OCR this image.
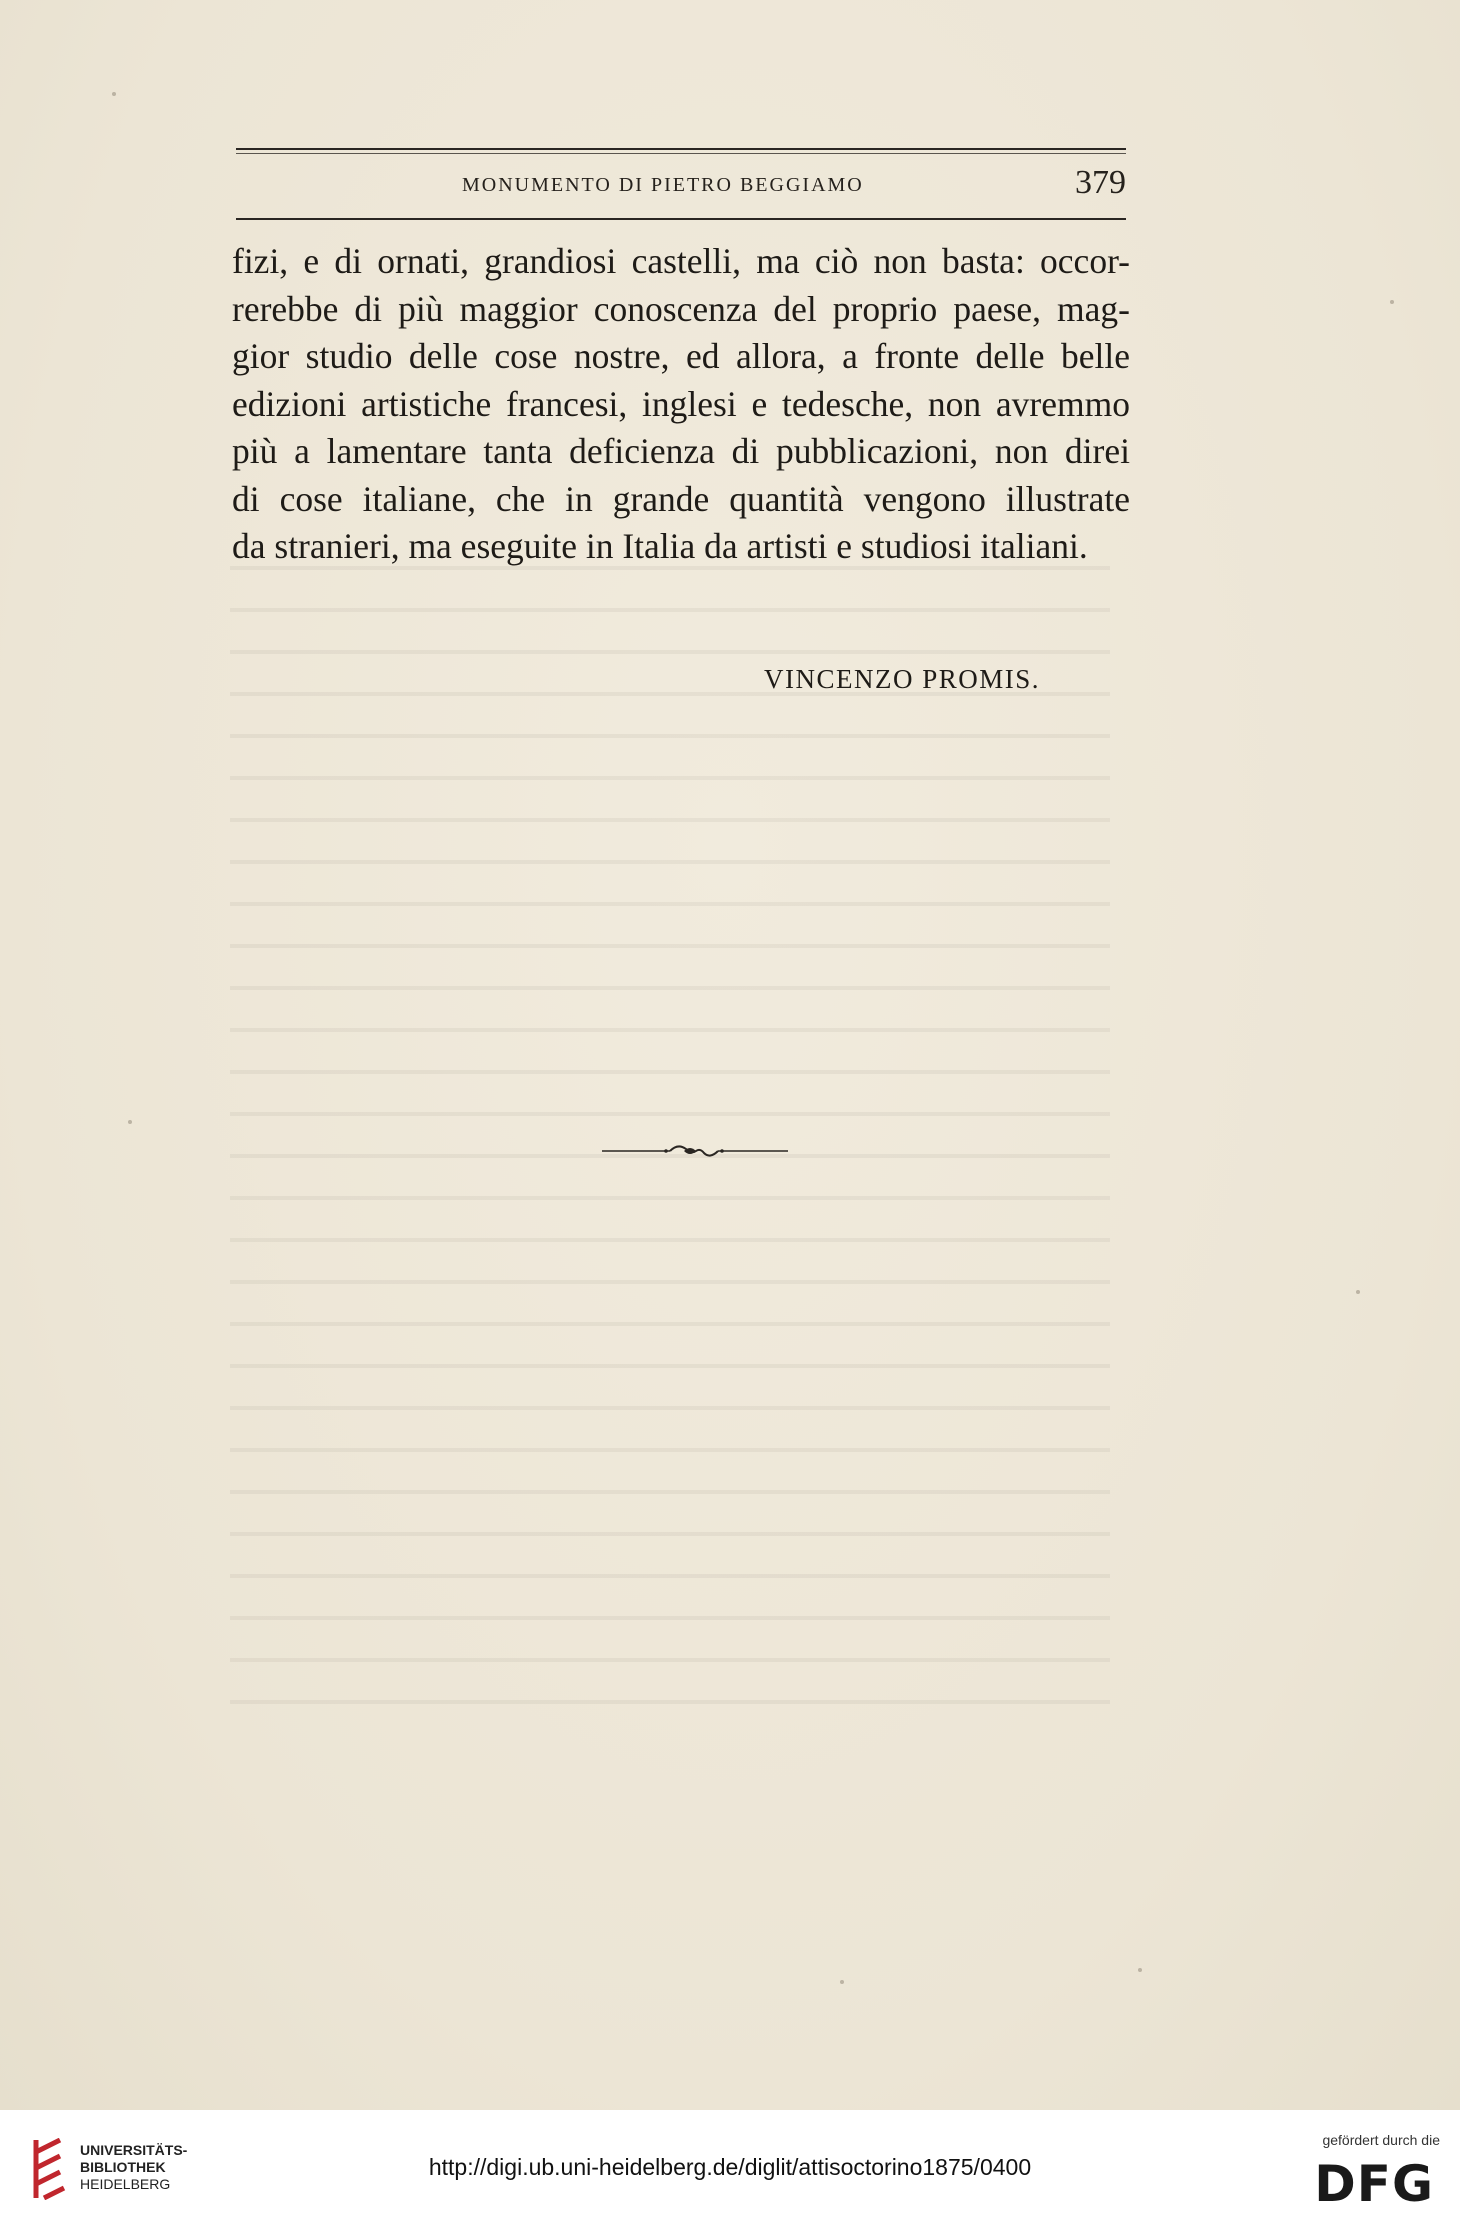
MONUMENTO DI PIETRO BEGGIAMO	379
fizi, e di ornati, grandiosi castelli, ma ciò non basta: occor-
rerebbe di più maggior conoscenza del proprio paese, mag-
gior studio delle cose nostre, ed allora, a fronte delle belle
edizioni artistiche francesi, inglesi e tedesche, non avremmo
più a lamentare tanta deficienza di pubblicazioni, non direi
di cose italiane, che in grande quantità vengono illustrate
da stranieri, ma eseguite in Italia da artisti e studiosi italiani.
VINCENZO PROMIS.
UNIVERSITÄTS-
BIBLIOTHEK
HEIDELBERG
http://digi.ub.uni-heidelberg.de/diglit/attisoctorino1875/0400
gefördert durch die
DFG
